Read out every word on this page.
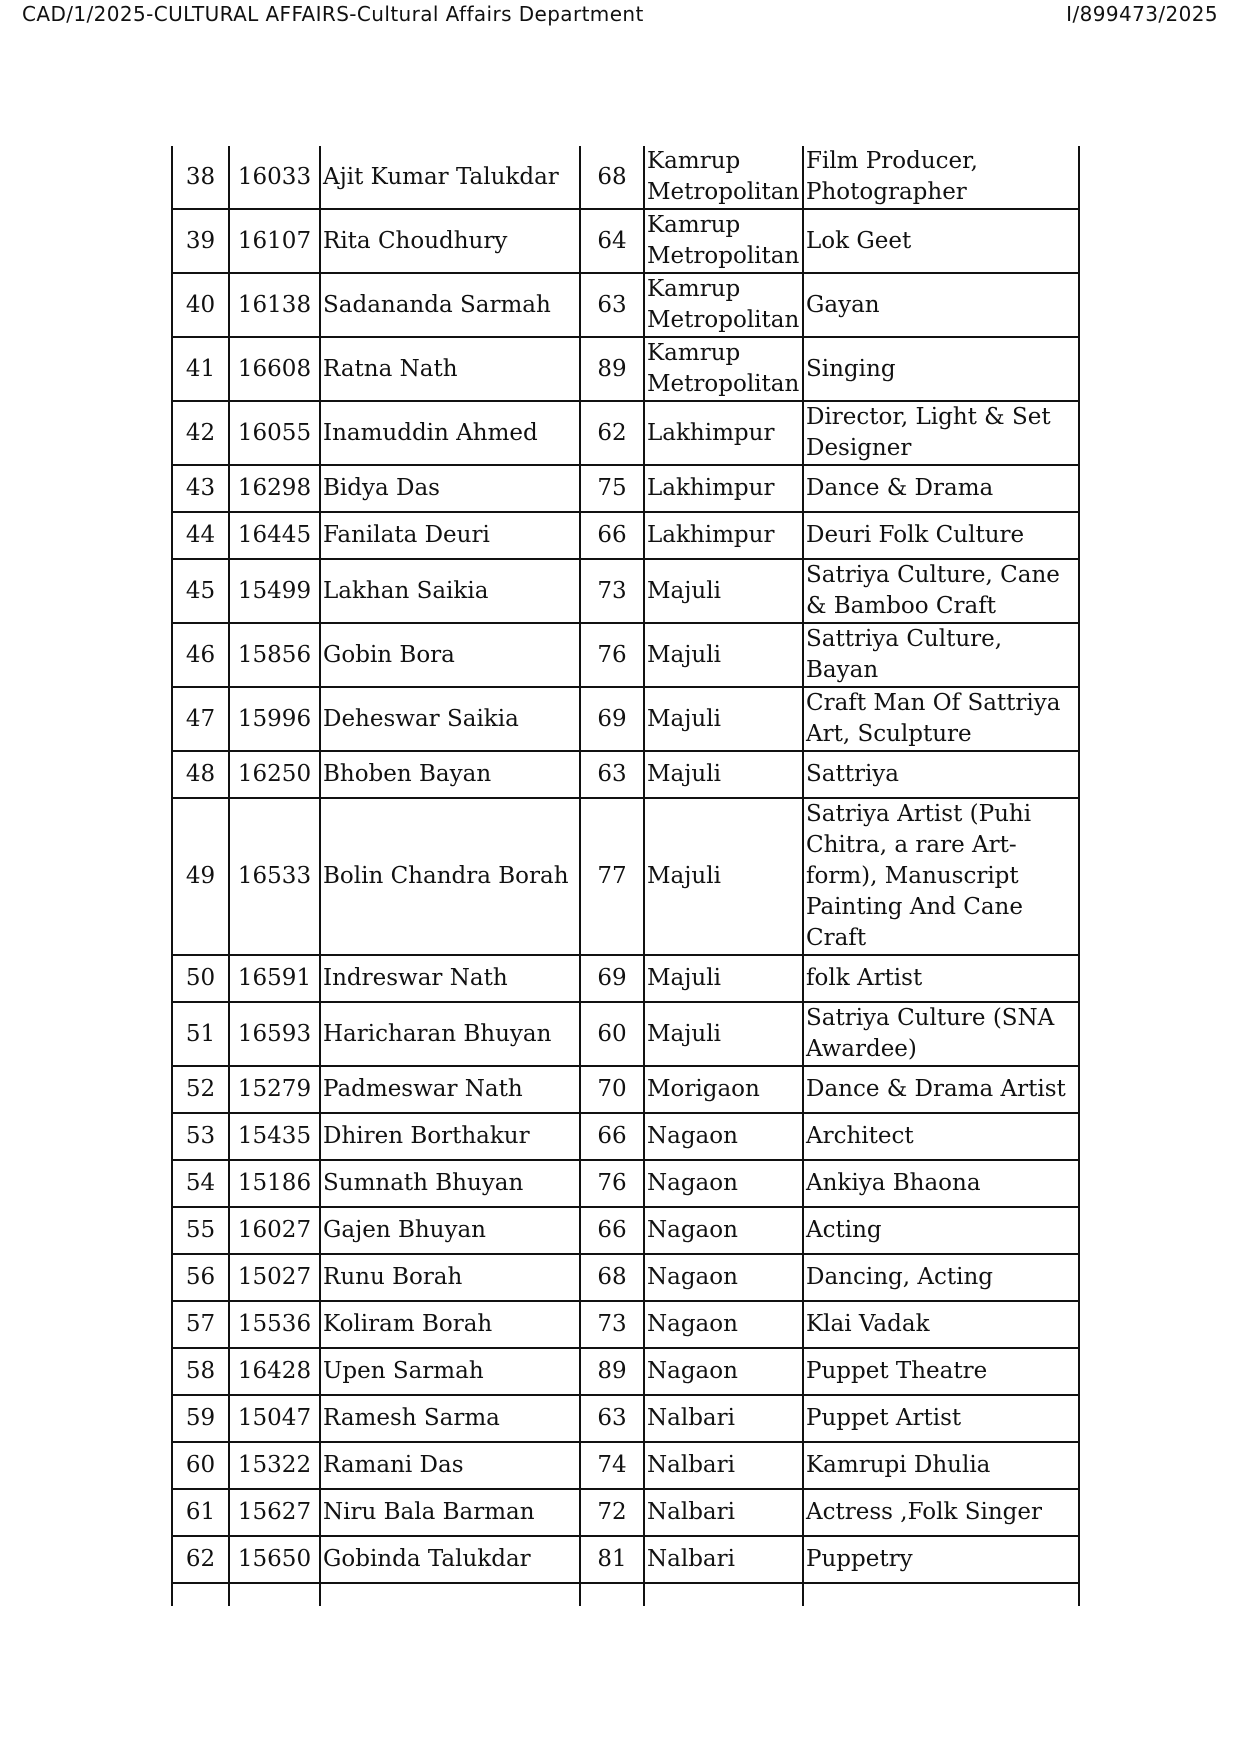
CAD/1/2025-CULTURAL AFFAIRS-Cultural Affairs Department	I/899473/2025
38	16033	Ajit Kumar Talukdar	68	Kamrup Metropolitan	Film Producer, Photographer
39	16107	Rita Choudhury	64	Kamrup Metropolitan	Lok Geet
40	16138	Sadananda Sarmah	63	Kamrup Metropolitan	Gayan
41	16608	Ratna Nath	89	Kamrup Metropolitan	Singing
42	16055	Inamuddin Ahmed	62	Lakhimpur	Director, Light & Set Designer
43	16298	Bidya Das	75	Lakhimpur	Dance & Drama
44	16445	Fanilata Deuri	66	Lakhimpur	Deuri Folk Culture
45	15499	Lakhan Saikia	73	Majuli	Satriya Culture, Cane & Bamboo Craft
46	15856	Gobin Bora	76	Majuli	Sattriya Culture, Bayan
47	15996	Deheswar Saikia	69	Majuli	Craft Man Of Sattriya Art, Sculpture
48	16250	Bhoben Bayan	63	Majuli	Sattriya
49	16533	Bolin Chandra Borah	77	Majuli	Satriya Artist (Puhi Chitra, a rare Art-form), Manuscript Painting And Cane Craft
50	16591	Indreswar Nath	69	Majuli	folk Artist
51	16593	Haricharan Bhuyan	60	Majuli	Satriya Culture (SNA Awardee)
52	15279	Padmeswar Nath	70	Morigaon	Dance & Drama Artist
53	15435	Dhiren Borthakur	66	Nagaon	Architect
54	15186	Sumnath Bhuyan	76	Nagaon	Ankiya Bhaona
55	16027	Gajen Bhuyan	66	Nagaon	Acting
56	15027	Runu Borah	68	Nagaon	Dancing, Acting
57	15536	Koliram Borah	73	Nagaon	Klai Vadak
58	16428	Upen Sarmah	89	Nagaon	Puppet Theatre
59	15047	Ramesh Sarma	63	Nalbari	Puppet Artist
60	15322	Ramani Das	74	Nalbari	Kamrupi Dhulia
61	15627	Niru Bala Barman	72	Nalbari	Actress ,Folk Singer
62	15650	Gobinda Talukdar	81	Nalbari	Puppetry
